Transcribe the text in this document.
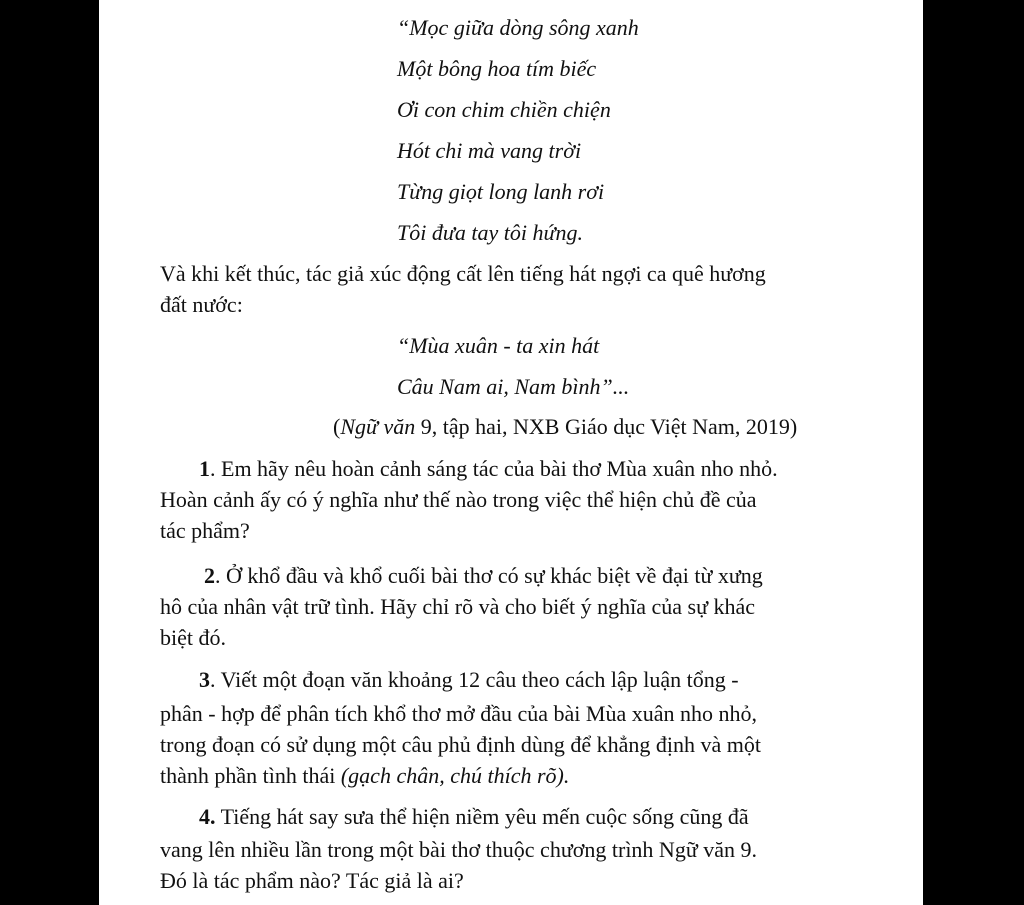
“Mọc giữa dòng sông xanh
Một bông hoa tím biếc
Ơi con chim chiền chiện
Hót chi mà vang trời
Từng giọt long lanh rơi
Tôi đưa tay tôi hứng.
Và khi kết thúc, tác giả xúc động cất lên tiếng hát ngợi ca quê hương
đất nước:
“Mùa xuân - ta xin hát
Câu Nam ai, Nam bình”...
(Ngữ văn 9, tập hai, NXB Giáo dục Việt Nam, 2019)
1. Em hãy nêu hoàn cảnh sáng tác của bài thơ Mùa xuân nho nhỏ.
Hoàn cảnh ấy có ý nghĩa như thế nào trong việc thể hiện chủ đề của
tác phẩm?
2. Ở khổ đầu và khổ cuối bài thơ có sự khác biệt về đại từ xưng
hô của nhân vật trữ tình. Hãy chỉ rõ và cho biết ý nghĩa của sự khác
biệt đó.
3. Viết một đoạn văn khoảng 12 câu theo cách lập luận tổng -
phân - hợp để phân tích khổ thơ mở đầu của bài Mùa xuân nho nhỏ,
trong đoạn có sử dụng một câu phủ định dùng để khẳng định và một
thành phần tình thái (gạch chân, chú thích rõ).
4. Tiếng hát say sưa thể hiện niềm yêu mến cuộc sống cũng đã
vang lên nhiều lần trong một bài thơ thuộc chương trình Ngữ văn 9.
Đó là tác phẩm nào? Tác giả là ai?
